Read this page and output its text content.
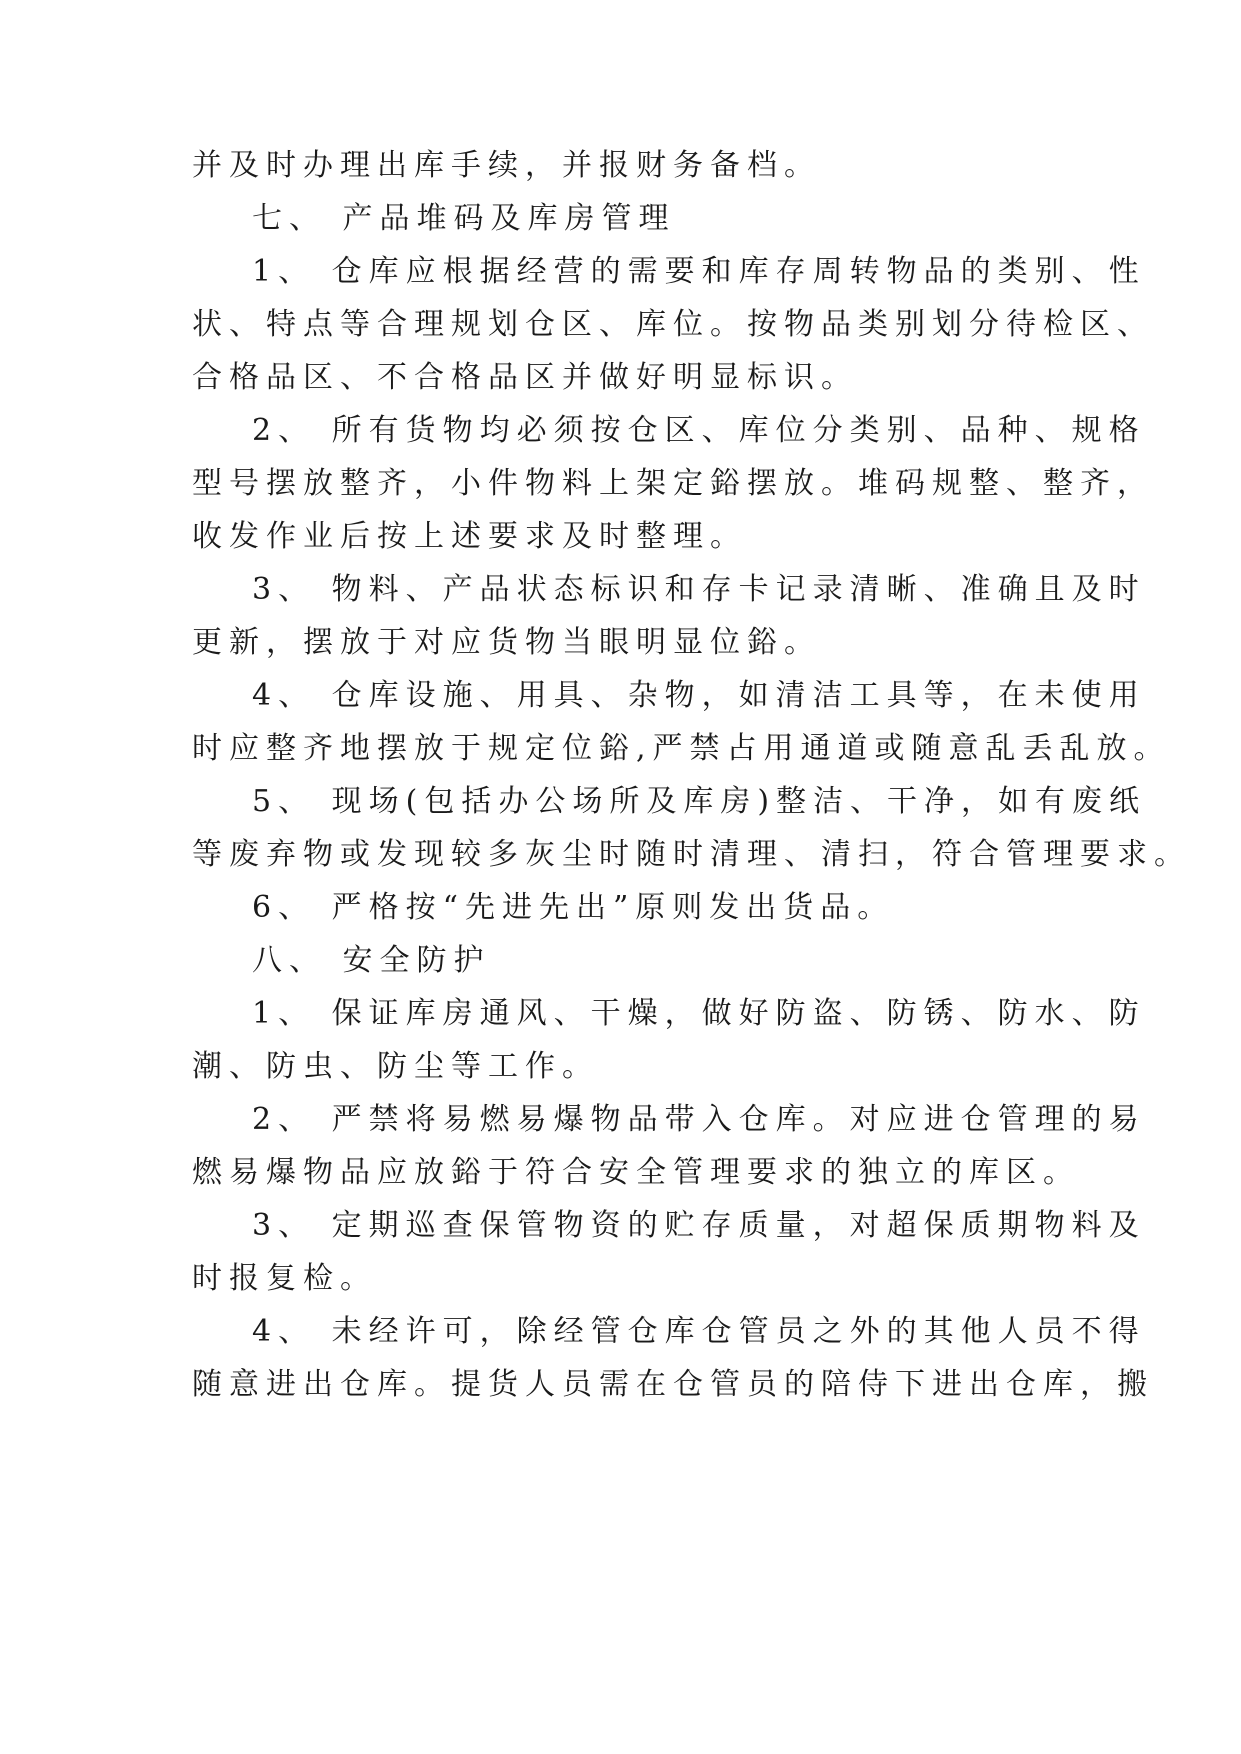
并及时办理出库手续，并报财务备档。
七、 产品堆码及库房管理
1、 仓库应根据经营的需要和库存周转物品的类别、性
状、特点等合理规划仓区、库位。按物品类别划分待检区、
合格品区、不合格品区并做好明显标识。
2、 所有货物均必须按仓区、库位分类别、品种、规格
型号摆放整齐，小件物料上架定鋊摆放。堆码规整、整齐，
收发作业后按上述要求及时整理。
3、 物料、产品状态标识和存卡记录清晰、准确且及时
更新，摆放于对应货物当眼明显位鋊。
4、 仓库设施、用具、杂物，如清洁工具等，在未使用
时应整齐地摆放于规定位鋊,严禁占用通道或随意乱丢乱放。
5、 现场(包括办公场所及库房)整洁、干净，如有废纸
等废弃物或发现较多灰尘时随时清理、清扫，符合管理要求。
6、 严格按“先进先出”原则发出货品。
八、 安全防护
1、 保证库房通风、干燥，做好防盗、防锈、防水、防
潮、防虫、防尘等工作。
2、 严禁将易燃易爆物品带入仓库。对应进仓管理的易
燃易爆物品应放鋊于符合安全管理要求的独立的库区。
3、 定期巡查保管物资的贮存质量，对超保质期物料及
时报复检。
4、 未经许可，除经管仓库仓管员之外的其他人员不得
随意进出仓库。提货人员需在仓管员的陪侍下进出仓库，搬
